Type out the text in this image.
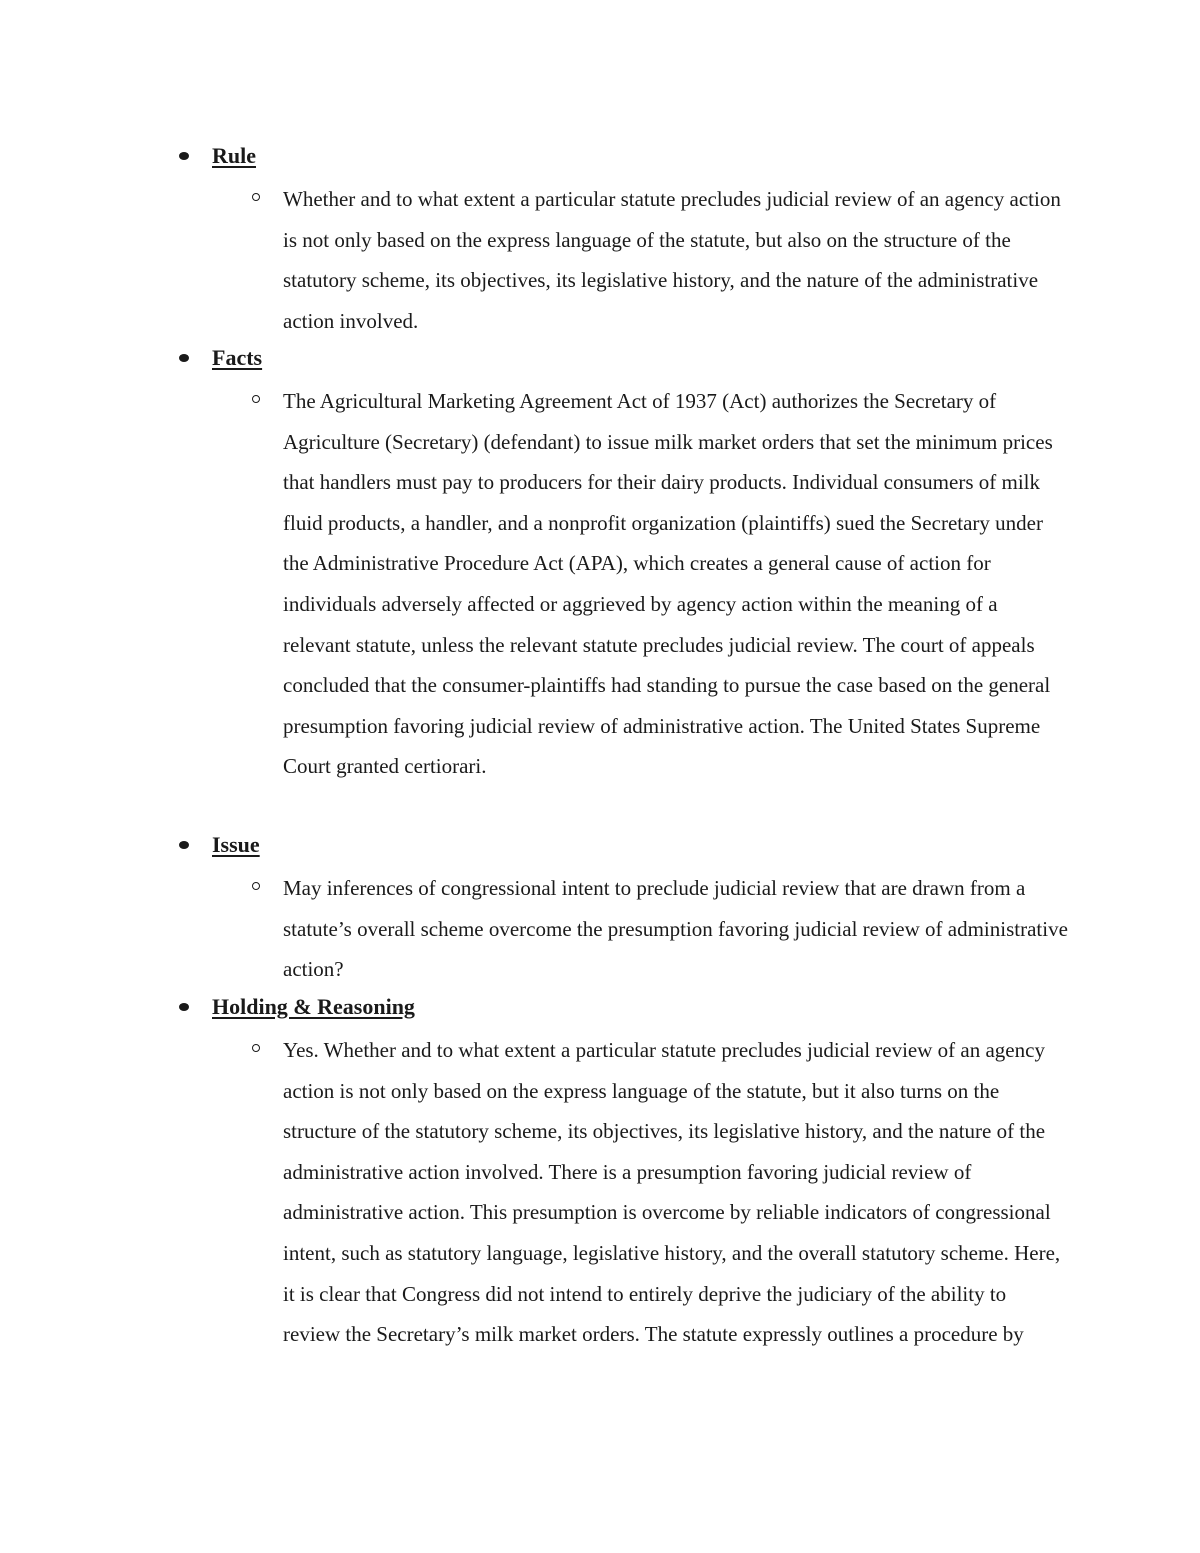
Rule

Whether and to what extent a particular statute precludes judicial review of an agency action is not only based on the express language of the statute, but also on the structure of the statutory scheme, its objectives, its legislative history, and the nature of the administrative action involved.

Facts

The Agricultural Marketing Agreement Act of 1937 (Act) authorizes the Secretary of Agriculture (Secretary) (defendant) to issue milk market orders that set the minimum prices that handlers must pay to producers for their dairy products. Individual consumers of milk fluid products, a handler, and a nonprofit organization (plaintiffs) sued the Secretary under the Administrative Procedure Act (APA), which creates a general cause of action for individuals adversely affected or aggrieved by agency action within the meaning of a relevant statute, unless the relevant statute precludes judicial review. The court of appeals concluded that the consumer-plaintiffs had standing to pursue the case based on the general presumption favoring judicial review of administrative action. The United States Supreme Court granted certiorari.

Issue

May inferences of congressional intent to preclude judicial review that are drawn from a statute’s overall scheme overcome the presumption favoring judicial review of administrative action?

Holding & Reasoning

Yes. Whether and to what extent a particular statute precludes judicial review of an agency action is not only based on the express language of the statute, but it also turns on the structure of the statutory scheme, its objectives, its legislative history, and the nature of the administrative action involved. There is a presumption favoring judicial review of administrative action. This presumption is overcome by reliable indicators of congressional intent, such as statutory language, legislative history, and the overall statutory scheme. Here, it is clear that Congress did not intend to entirely deprive the judiciary of the ability to review the Secretary’s milk market orders. The statute expressly outlines a procedure by
